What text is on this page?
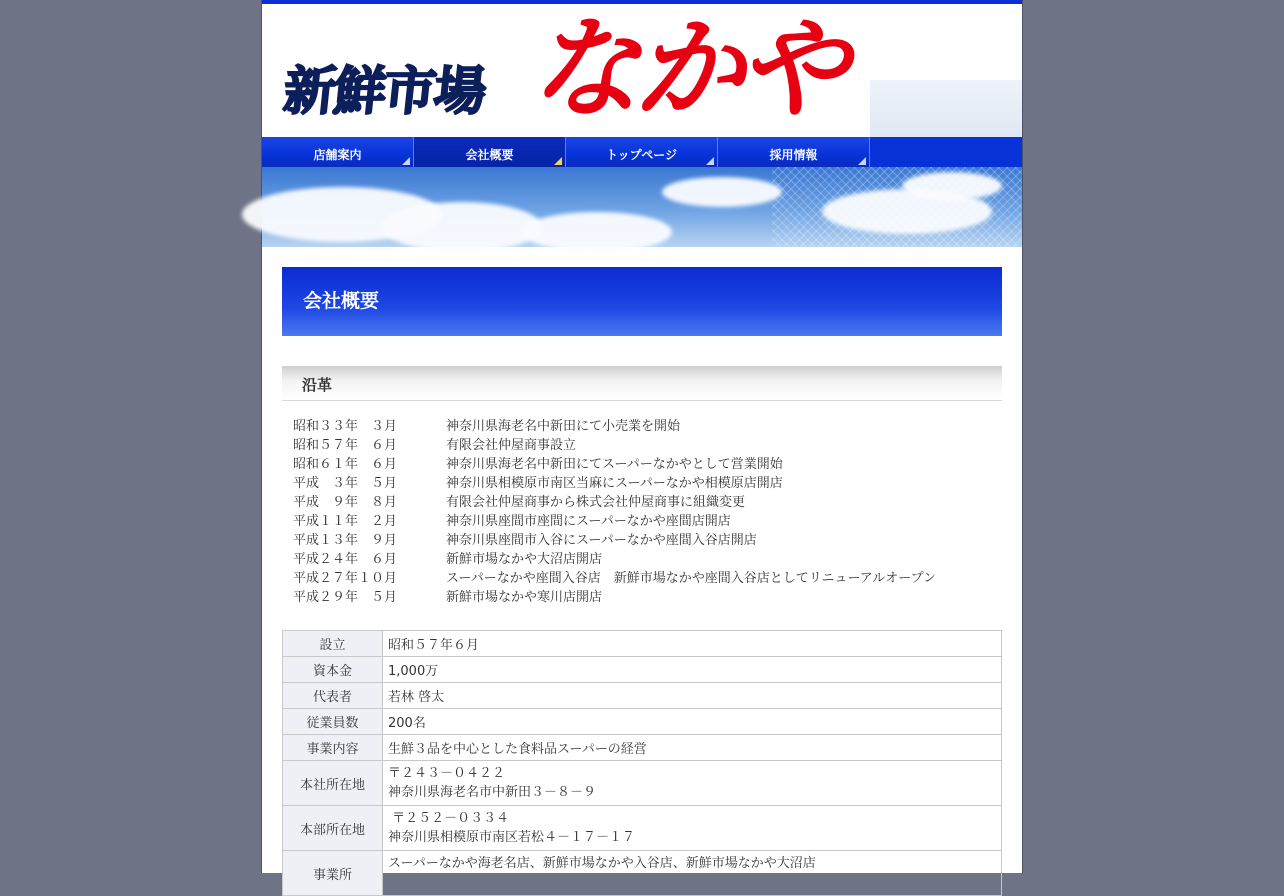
新鮮市場 なかや
店舗案内	会社概要	トップページ	採用情報
会社概要
沿革
昭和３３年　３月	神奈川県海老名中新田にて小売業を開始
昭和５７年　６月	有限会社仲屋商事設立
昭和６１年　６月	神奈川県海老名中新田にてスーパーなかやとして営業開始
平成　３年　５月	神奈川県相模原市南区当麻にスーパーなかや相模原店開店
平成　９年　８月	有限会社仲屋商事から株式会社仲屋商事に組織変更
平成１１年　２月	神奈川県座間市座間にスーパーなかや座間店開店
平成１３年　９月	神奈川県座間市入谷にスーパーなかや座間入谷店開店
平成２４年　６月	新鮮市場なかや大沼店開店
平成２７年１０月	スーパーなかや座間入谷店　新鮮市場なかや座間入谷店としてリニューアルオープン
平成２９年　５月	新鮮市場なかや寒川店開店
設立	昭和５７年６月
資本金	1,000万
代表者	若林 啓太
従業員数	200名
事業内容	生鮮３品を中心とした食料品スーパーの経営
本社所在地	〒２４３－０４２２
神奈川県海老名市中新田３－８－９

本部所在地	〒２５２－０３３４
神奈川県相模原市南区若松４－１７－１７

事業所	スーパーなかや海老名店、新鮮市場なかや入谷店、新鮮市場なかや大沼店
